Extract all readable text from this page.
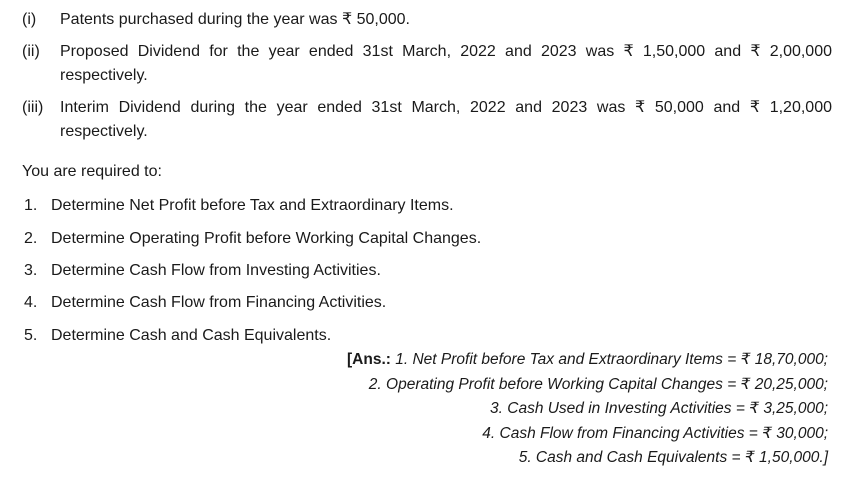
(i) Patents purchased during the year was ₹ 50,000.
(ii) Proposed Dividend for the year ended 31st March, 2022 and 2023 was ₹ 1,50,000 and ₹ 2,00,000 respectively.
(iii) Interim Dividend during the year ended 31st March, 2022 and 2023 was ₹ 50,000 and ₹ 1,20,000 respectively.
You are required to:
1. Determine Net Profit before Tax and Extraordinary Items.
2. Determine Operating Profit before Working Capital Changes.
3. Determine Cash Flow from Investing Activities.
4. Determine Cash Flow from Financing Activities.
5. Determine Cash and Cash Equivalents.
[Ans.: 1. Net Profit before Tax and Extraordinary Items = ₹ 18,70,000;
2. Operating Profit before Working Capital Changes = ₹ 20,25,000;
3. Cash Used in Investing Activities = ₹ 3,25,000;
4. Cash Flow from Financing Activities = ₹ 30,000;
5. Cash and Cash Equivalents = ₹ 1,50,000.]
